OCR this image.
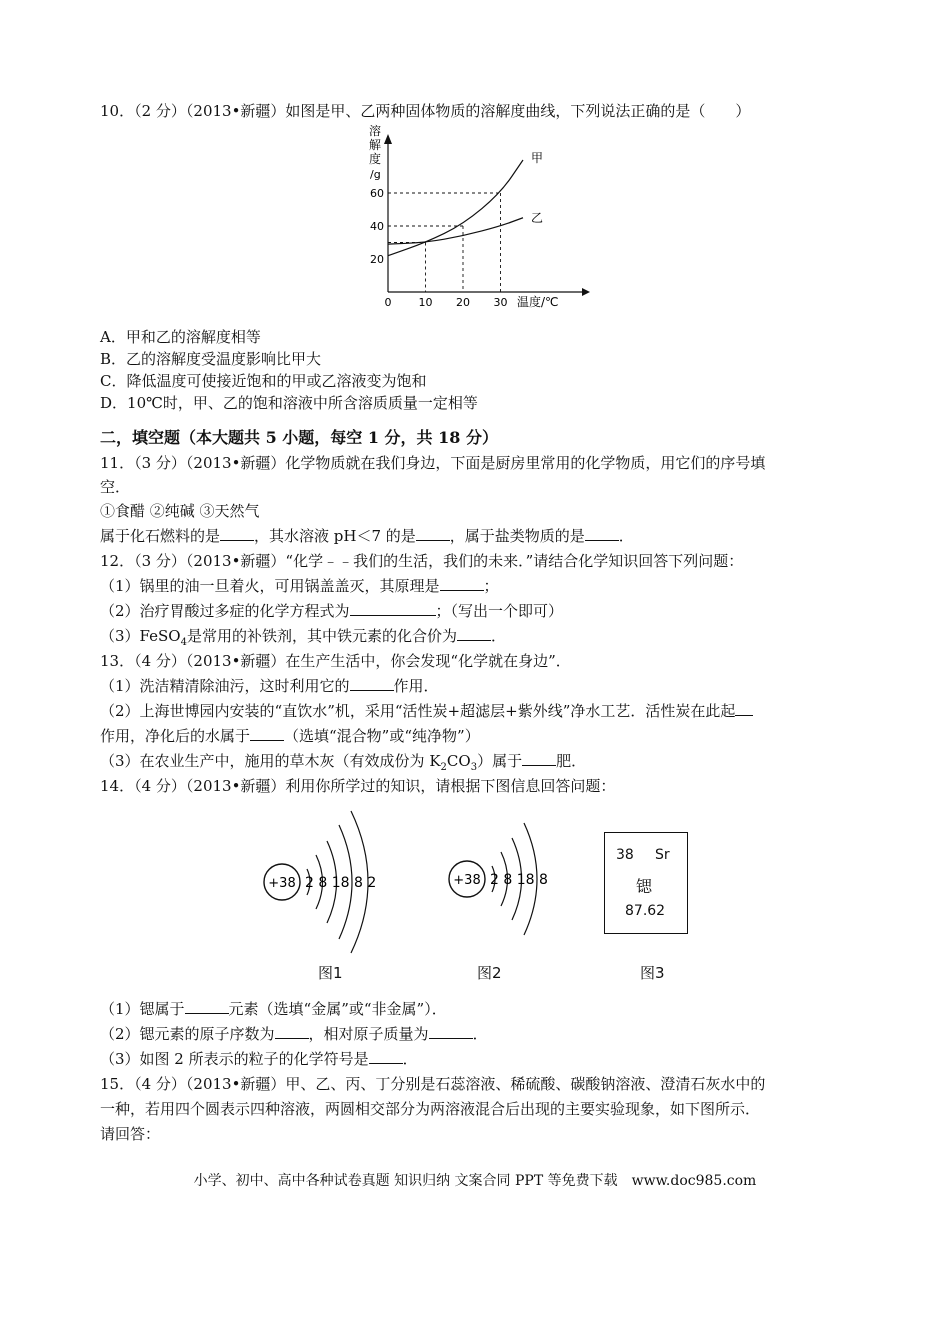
10．（2 分）（2013•新疆）如图是甲、乙两种固体物质的溶解度曲线，下列说法正确的是（　　）
0 10 20 30
20
40
60
甲
乙
溶
解
度
/g
温度/℃
A．甲和乙的溶解度相等
B．乙的溶解度受温度影响比甲大
C．降低温度可使接近饱和的甲或乙溶液变为饱和
D．10℃时，甲、乙的饱和溶液中所含溶质质量一定相等
二，填空题（本大题共 5 小题，每空 1 分，共 18 分）
11．（3 分）（2013•新疆）化学物质就在我们身边，下面是厨房里常用的化学物质，用它们的序号填
空．
①食醋 ②纯碱 ③天然气
属于化石燃料的是 ，其水溶液 pH＜7 的是 ，属于盐类物质的是 ．
12．（3 分）（2013•新疆）“化学﹣﹣我们的生活，我们的未来．”请结合化学知识回答下列问题：
（1）锅里的油一旦着火，可用锅盖盖灭，其原理是	；
（2）治疗胃酸过多症的化学方程式为	；（写出一个即可）
（3）FeSO$_4$是常用的补铁剂，其中铁元素的化合价为 ．
13．（4 分）（2013•新疆）在生产生活中，你会发现“化学就在身边”．
（1）洗洁精清除油污，这时利用它的	作用．
（2）上海世博园内安装的“直饮水”机，采用“活性炭+超滤层+紫外线”净水工艺．活性炭在此起
作用，净化后的水属于 （选填“混合物”或“纯净物”）
（3）在农业生产中，施用的草木灰（有效成份为 $K_2CO_3$）属于 肥．
14．（4 分）（2013•新疆）利用你所学过的知识，请根据下图信息回答问题：
+38 2 8 18 8 2	+38 2 8 18 8
38 Sr
锶
87.62
图1	图2	图3
（1）锶属于	元素（选填“金属”或“非金属”）．
（2）锶元素的原子序数为 ，相对原子质量为	．
（3）如图 2 所表示的粒子的化学符号是 ．
15．（4 分）（2013•新疆）甲、乙、丙、丁分别是石蕊溶液、稀硫酸、碳酸钠溶液、澄清石灰水中的
一种，若用四个圆表示四种溶液，两圆相交部分为两溶液混合后出现的主要实验现象，如下图所示．
请回答：
小学、初中、高中各种试卷真题 知识归纳 文案合同 PPT 等免费下载　www.doc985.com
